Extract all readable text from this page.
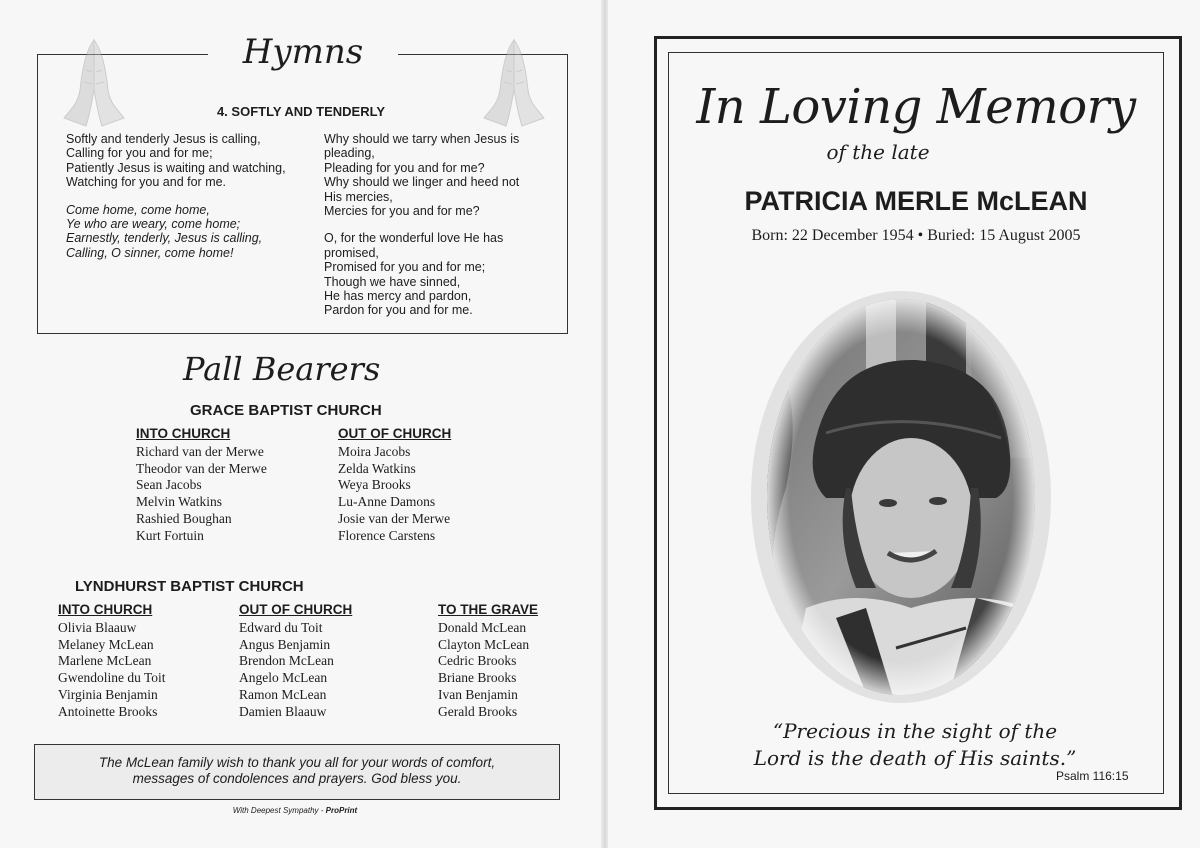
Hymns
4. SOFTLY AND TENDERLY
Softly and tenderly Jesus is calling,
Calling for you and for me;
Patiently Jesus is waiting and watching,
Watching for you and for me.
Come home, come home,
Ye who are weary, come home;
Earnestly, tenderly, Jesus is calling,
Calling, O sinner, come home!
Why should we tarry when Jesus is
pleading,
Pleading for you and for me?
Why should we linger and heed not
His mercies,
Mercies for you and for me?
O, for the wonderful love He has
promised,
Promised for you and for me;
Though we have sinned,
He has mercy and pardon,
Pardon for you and for me.
Pall Bearers
GRACE BAPTIST CHURCH
INTO CHURCH
Richard van der Merwe
Theodor van der Merwe
Sean Jacobs
Melvin Watkins
Rashied Boughan
Kurt Fortuin
OUT OF CHURCH
Moira Jacobs
Zelda Watkins
Weya Brooks
Lu-Anne Damons
Josie van der Merwe
Florence Carstens
LYNDHURST BAPTIST CHURCH
INTO CHURCH
Olivia Blaauw
Melaney McLean
Marlene McLean
Gwendoline du Toit
Virginia Benjamin
Antoinette Brooks
OUT OF CHURCH
Edward du Toit
Angus Benjamin
Brendon McLean
Angelo McLean
Ramon McLean
Damien Blaauw
TO THE GRAVE
Donald McLean
Clayton McLean
Cedric Brooks
Briane Brooks
Ivan Benjamin
Gerald Brooks
The McLean family wish to thank you all for your words of comfort,
messages of condolences and prayers. God bless you.
With Deepest Sympathy - ProPrint
In Loving Memory
of the late
PATRICIA MERLE McLEAN
Born: 22 December 1954 • Buried: 15 August 2005
“Precious in the sight of the
Lord is the death of His saints.”
Psalm 116:15
